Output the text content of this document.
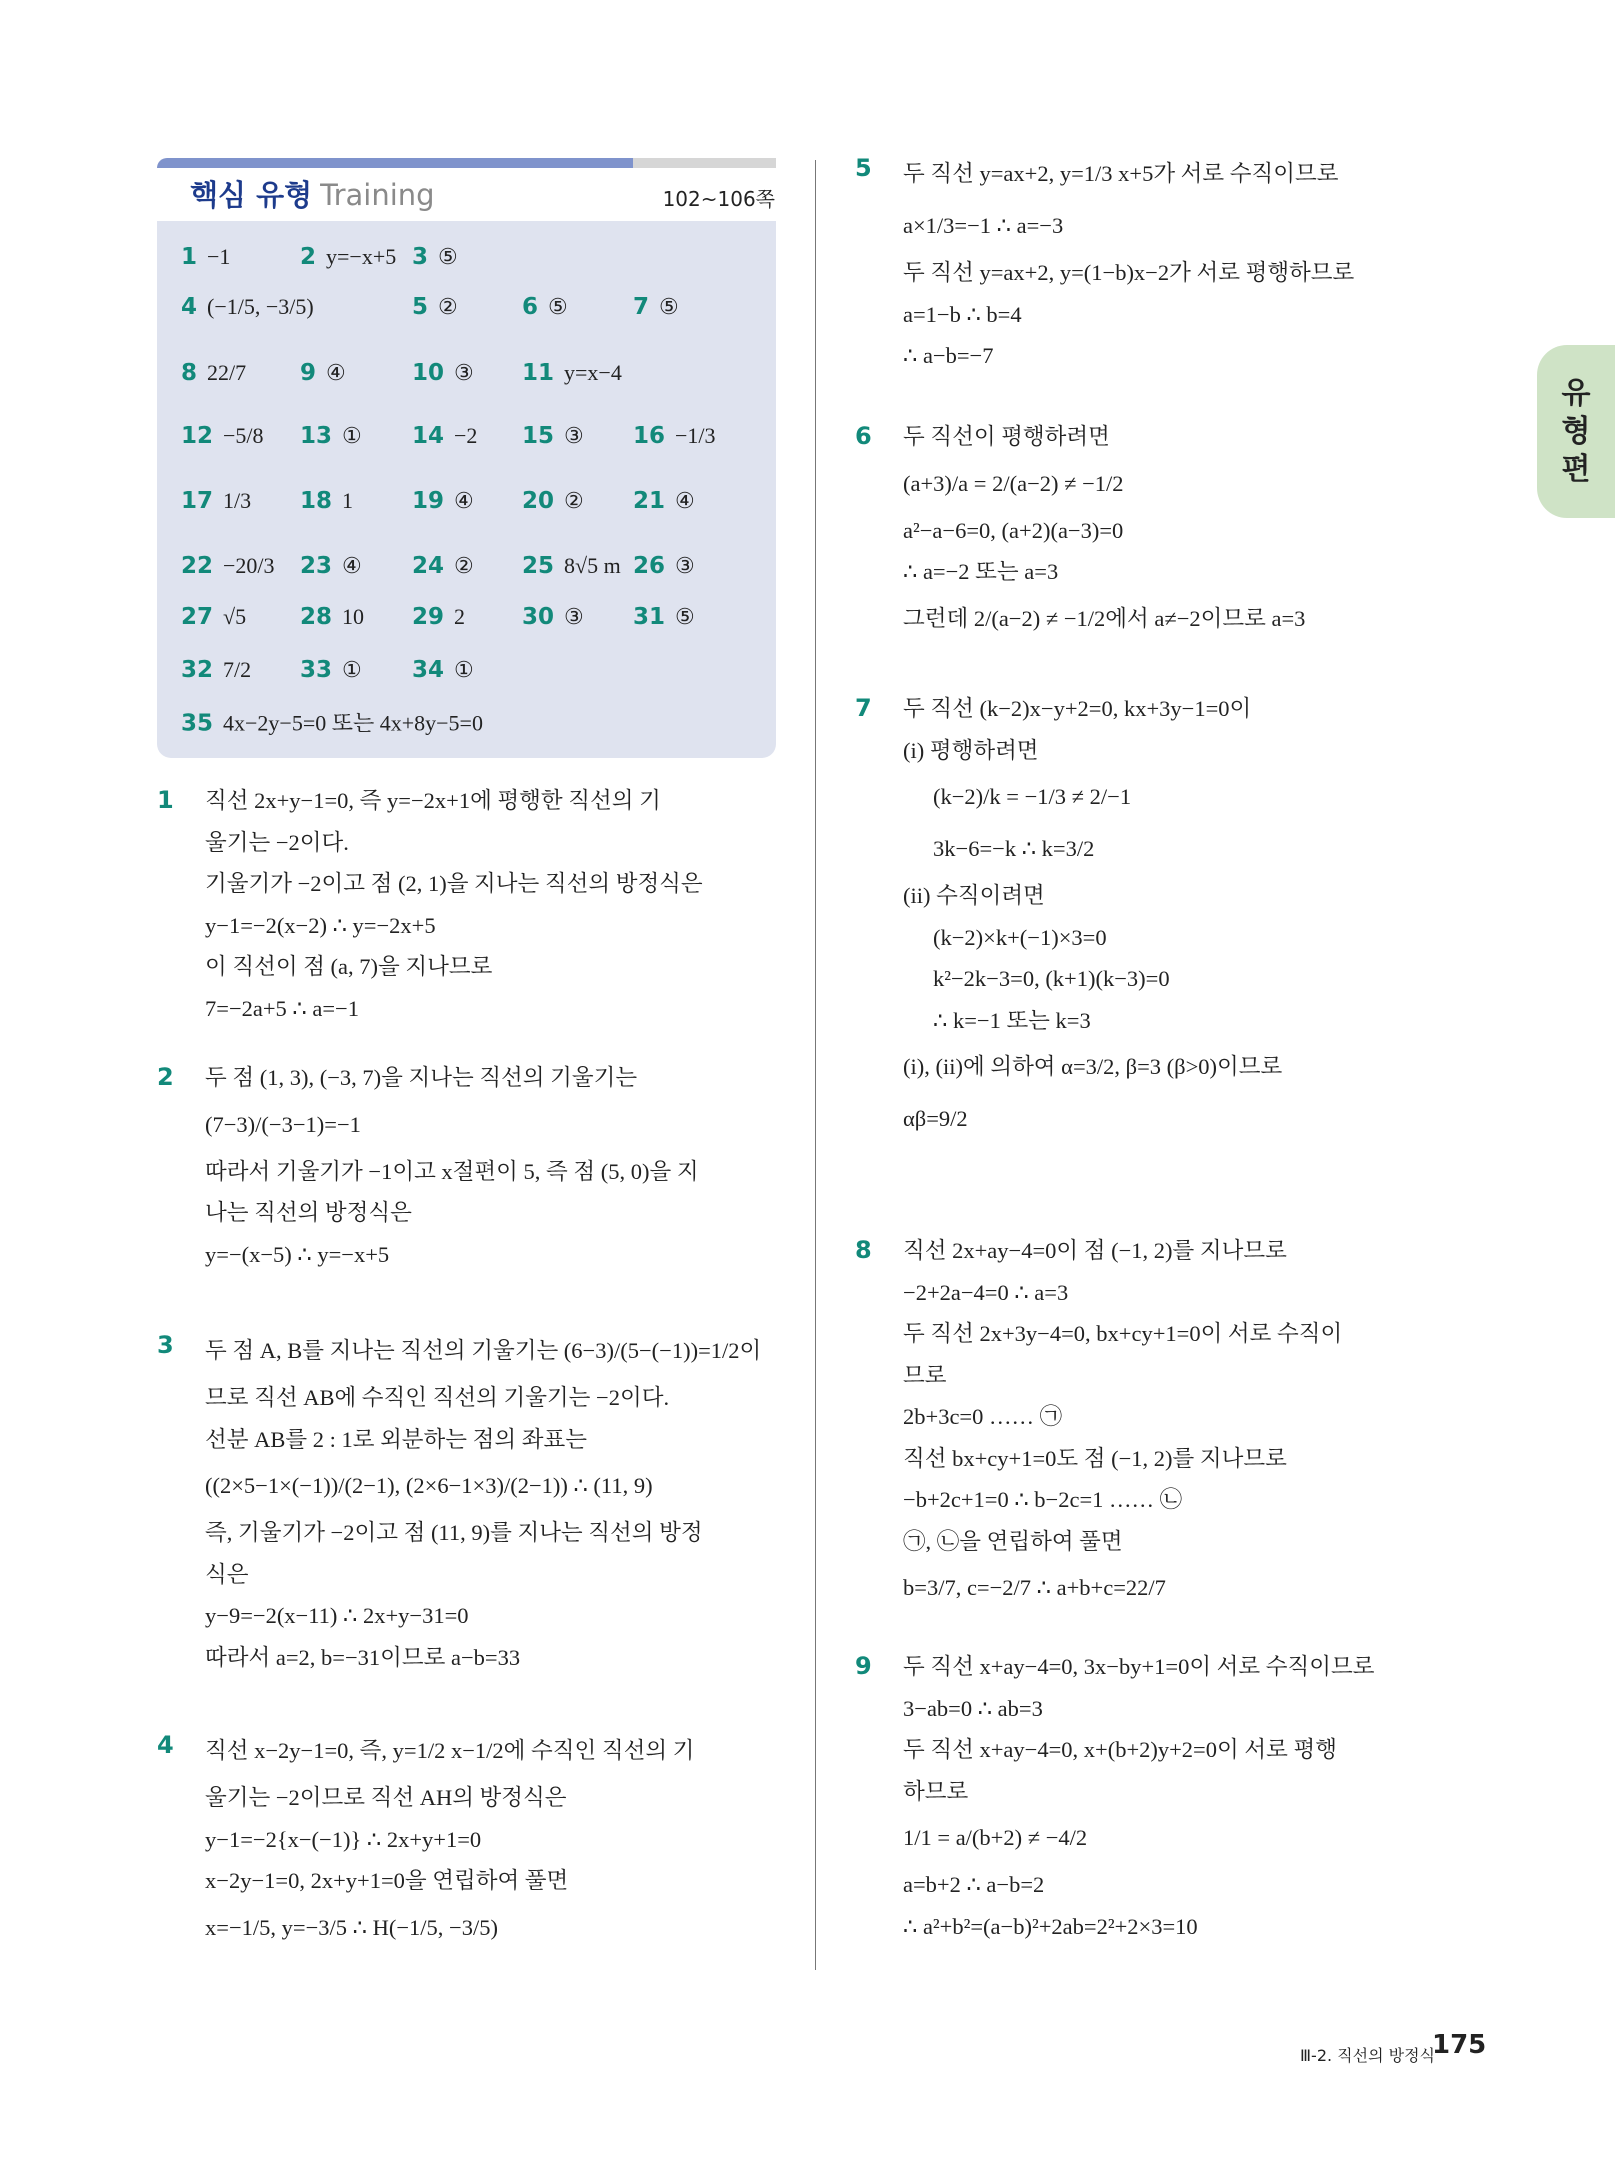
핵심 유형 Training	102~106쪽
1 −1	2 y=−x+5 3 ⑤
4 (−1/5, −3/5)	5 ②	6 ⑤	7 ⑤
8 22/7 9 ④	10 ③ 11 y=x−4
12 −5/8 13 ① 14 −2 15 ③ 16 −1/3
17 1/3 18 1	19 ④ 20 ② 21 ④
22 −20/3 23 ④ 24 ② 25 8√5 m 26 ③
27 √5 28 10 29 2 30 ③ 31 ⑤
32 7/2 33 ① 34 ①
35 4x−2y−5=0 또는 4x+8y−5=0
1 직선 2x+y−1=0, 즉 y=−2x+1에 평행한 직선의 기
울기는 −2이다.
기울기가 −2이고 점 (2, 1)을 지나는 직선의 방정식은
y−1=−2(x−2) ∴ y=−2x+5
이 직선이 점 (a, 7)을 지나므로
7=−2a+5 ∴ a=−1
2 두 점 (1, 3), (−3, 7)을 지나는 직선의 기울기는
(7−3)/(−3−1)=−1
따라서 기울기가 −1이고 x절편이 5, 즉 점 (5, 0)을 지
나는 직선의 방정식은
y=−(x−5) ∴ y=−x+5
3 두 점 A, B를 지나는 직선의 기울기는 (6−3)/(5−(−1))=1/2이
므로 직선 AB에 수직인 직선의 기울기는 −2이다.
선분 AB를 2 : 1로 외분하는 점의 좌표는
((2×5−1×(−1))/(2−1), (2×6−1×3)/(2−1)) ∴ (11, 9)
즉, 기울기가 −2이고 점 (11, 9)를 지나는 직선의 방정
식은
y−9=−2(x−11) ∴ 2x+y−31=0
따라서 a=2, b=−31이므로 a−b=33
4 직선 x−2y−1=0, 즉, y=1/2 x−1/2에 수직인 직선의 기
울기는 −2이므로 직선 AH의 방정식은
y−1=−2{x−(−1)} ∴ 2x+y+1=0
x−2y−1=0, 2x+y+1=0을 연립하여 풀면
x=−1/5, y=−3/5 ∴ H(−1/5, −3/5)
5 두 직선 y=ax+2, y=1/3 x+5가 서로 수직이므로
a×1/3=−1 ∴ a=−3
두 직선 y=ax+2, y=(1−b)x−2가 서로 평행하므로
a=1−b ∴ b=4
∴ a−b=−7
6 두 직선이 평행하려면
(a+3)/a = 2/(a−2) ≠ −1/2
a²−a−6=0, (a+2)(a−3)=0
∴ a=−2 또는 a=3
그런데 2/(a−2) ≠ −1/2에서 a≠−2이므로 a=3
7 두 직선 (k−2)x−y+2=0, kx+3y−1=0이
(i) 평행하려면
(k−2)/k = −1/3 ≠ 2/−1
3k−6=−k ∴ k=3/2
(ii) 수직이려면
(k−2)×k+(−1)×3=0
k²−2k−3=0, (k+1)(k−3)=0
∴ k=−1 또는 k=3
(i), (ii)에 의하여 α=3/2, β=3 (β>0)이므로
αβ=9/2
8 직선 2x+ay−4=0이 점 (−1, 2)를 지나므로
−2+2a−4=0 ∴ a=3
두 직선 2x+3y−4=0, bx+cy+1=0이 서로 수직이
므로
2b+3c=0 …… ㉠
직선 bx+cy+1=0도 점 (−1, 2)를 지나므로
−b+2c+1=0 ∴ b−2c=1 …… ㉡
㉠, ㉡을 연립하여 풀면
b=3/7, c=−2/7 ∴ a+b+c=22/7
9 두 직선 x+ay−4=0, 3x−by+1=0이 서로 수직이므로
3−ab=0 ∴ ab=3
두 직선 x+ay−4=0, x+(b+2)y+2=0이 서로 평행
하므로
1/1 = a/(b+2) ≠ −4/2
a=b+2 ∴ a−b=2
∴ a²+b²=(a−b)²+2ab=2²+2×3=10
유형편
Ⅲ-2. 직선의 방정식
175
